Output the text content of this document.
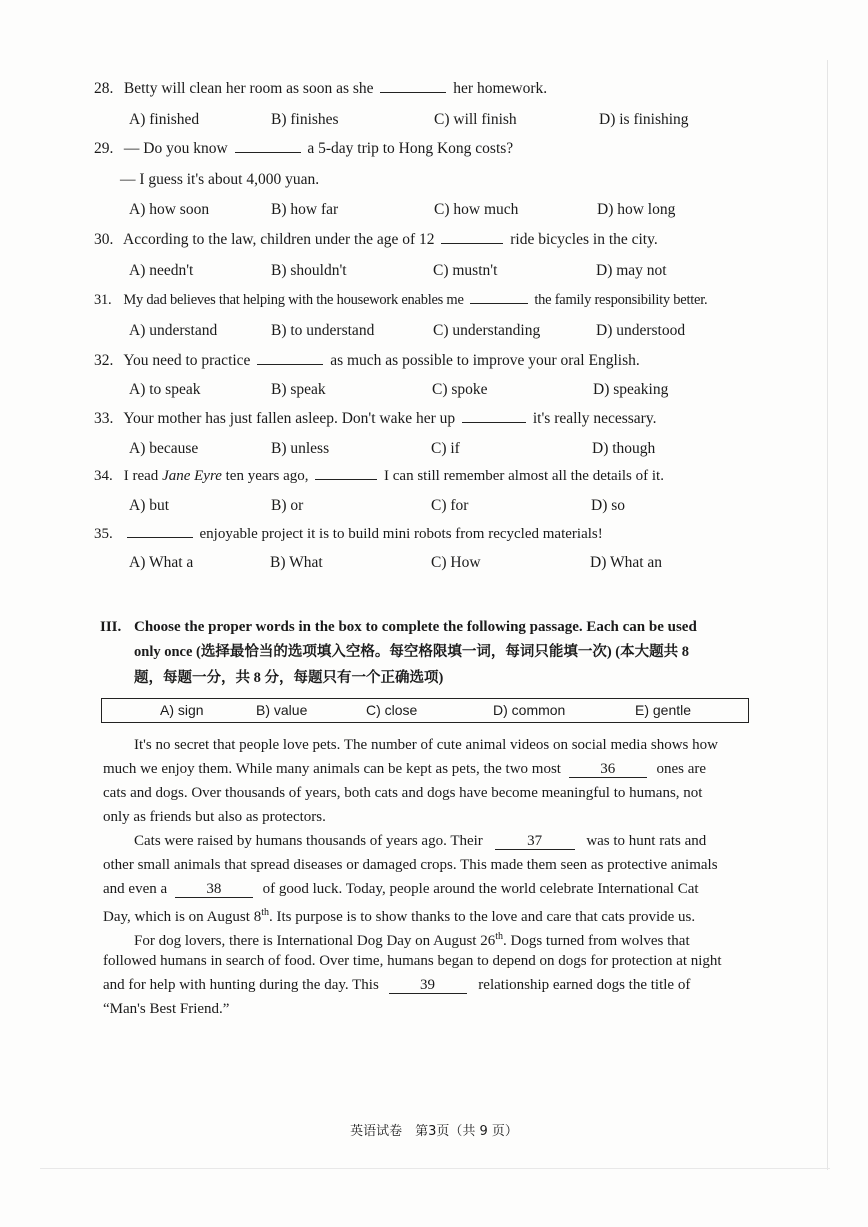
28. Betty will clean her room as soon as she	her homework.
A) finished	B) finishes	C) will finish	D) is finishing
29. — Do you know	a 5-day trip to Hong Kong costs?
— I guess it's about 4,000 yuan.
A) how soon	B) how far	C) how much	D) how long
30. According to the law, children under the age of 12	ride bicycles in the city.
A) needn't	B) shouldn't	C) mustn't	D) may not
31. My dad believes that helping with the housework enables me	the family responsibility better.
A) understand	B) to understand	C) understanding	D) understood
32. You need to practice	as much as possible to improve your oral English.
A) to speak	B) speak	C) spoke	D) speaking
33. Your mother has just fallen asleep. Don't wake her up	it's really necessary.
A) because	B) unless	C) if	D) though
34. I read Jane Eyre ten years ago,	I can still remember almost all the details of it.
A) but	B) or	C) for	D) so
35.	enjoyable project it is to build mini robots from recycled materials!
A) What a	B) What	C) How	D) What an
III. Choose the proper words in the box to complete the following passage. Each can be used
only once (选择最恰当的选项填入空格。每空格限填一词，每词只能填一次) (本大题共 8
题，每题一分，共 8 分，每题只有一个正确选项)
A) sign	B) value	C) close	D) common	E) gentle
It's no secret that people love pets. The number of cute animal videos on social media shows how
much we enjoy them. While many animals can be kept as pets, the two most	36	ones are
cats and dogs. Over thousands of years, both cats and dogs have become meaningful to humans, not
only as friends but also as protectors.
Cats were raised by humans thousands of years ago. Their	37	was to hunt rats and
other small animals that spread diseases or damaged crops. This made them seen as protective animals
and even a	38	of good luck. Today, people around the world celebrate International Cat
Day, which is on August 8th. Its purpose is to show thanks to the love and care that cats provide us.
For dog lovers, there is International Dog Day on August 26th. Dogs turned from wolves that
followed humans in search of food. Over time, humans began to depend on dogs for protection at night
and for help with hunting during the day. This	39	relationship earned dogs the title of
“Man's Best Friend.”
英语试卷　第3页（共 9 页）
